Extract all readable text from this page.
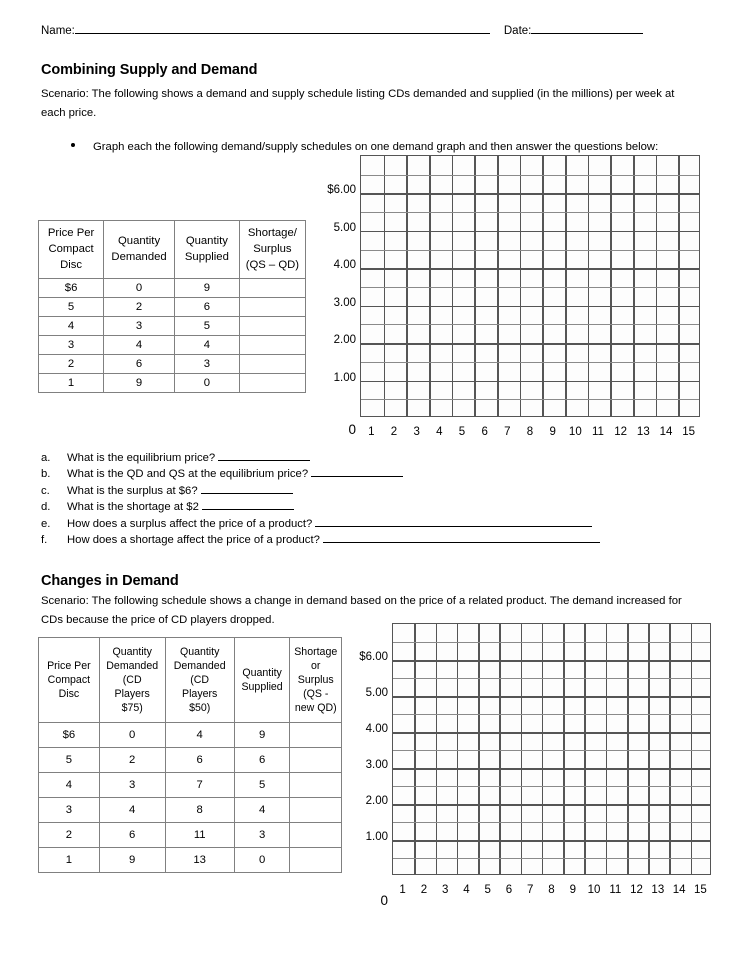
Name:	Date:
Combining Supply and Demand
Scenario: The following shows a demand and supply schedule listing CDs demanded and supplied (in the millions) per week at each price.
Graph each the following demand/supply schedules on one demand graph and then answer the questions below:
Price Per
Compact
Disc

Quantity
Demanded

Quantity
Supplied

Shortage/
Surplus
(QS – QD)

$6	0	9	
5	2	6	
4	3	5	
3	4	4	
2	6	3	
1	9	0	
$6.00
5.00
4.00
3.00
2.00
1.00
0	1	2	3	4	5	6	7	8	9	10 11 12 13 14 15
a. What is the equilibrium price?
b. What is the QD and QS at the equilibrium price?
c. What is the surplus at $6?
d. What is the shortage at $2
e. How does a surplus affect the price of a product?
f. How does a shortage affect the price of a product?
Changes in Demand
Scenario: The following schedule shows a change in demand based on the price of a related product. The demand increased for CDs because the price of CD players dropped.
Price Per
Compact
Disc

Quantity
Demanded
(CD
Players
$75)

Quantity
Demanded
(CD
Players
$50)

Quantity
Supplied

Shortage
or
Surplus
(QS -
new QD)

$6	0	4	9	
5	2	6	6	
4	3	7	5	
3	4	8	4	
2	6	11	3	
1	9	13	0	
$6.00
5.00
4.00
3.00
2.00
1.00
0
1	2	3	4	5	6	7	8	9	10 11 12 13 14 15
